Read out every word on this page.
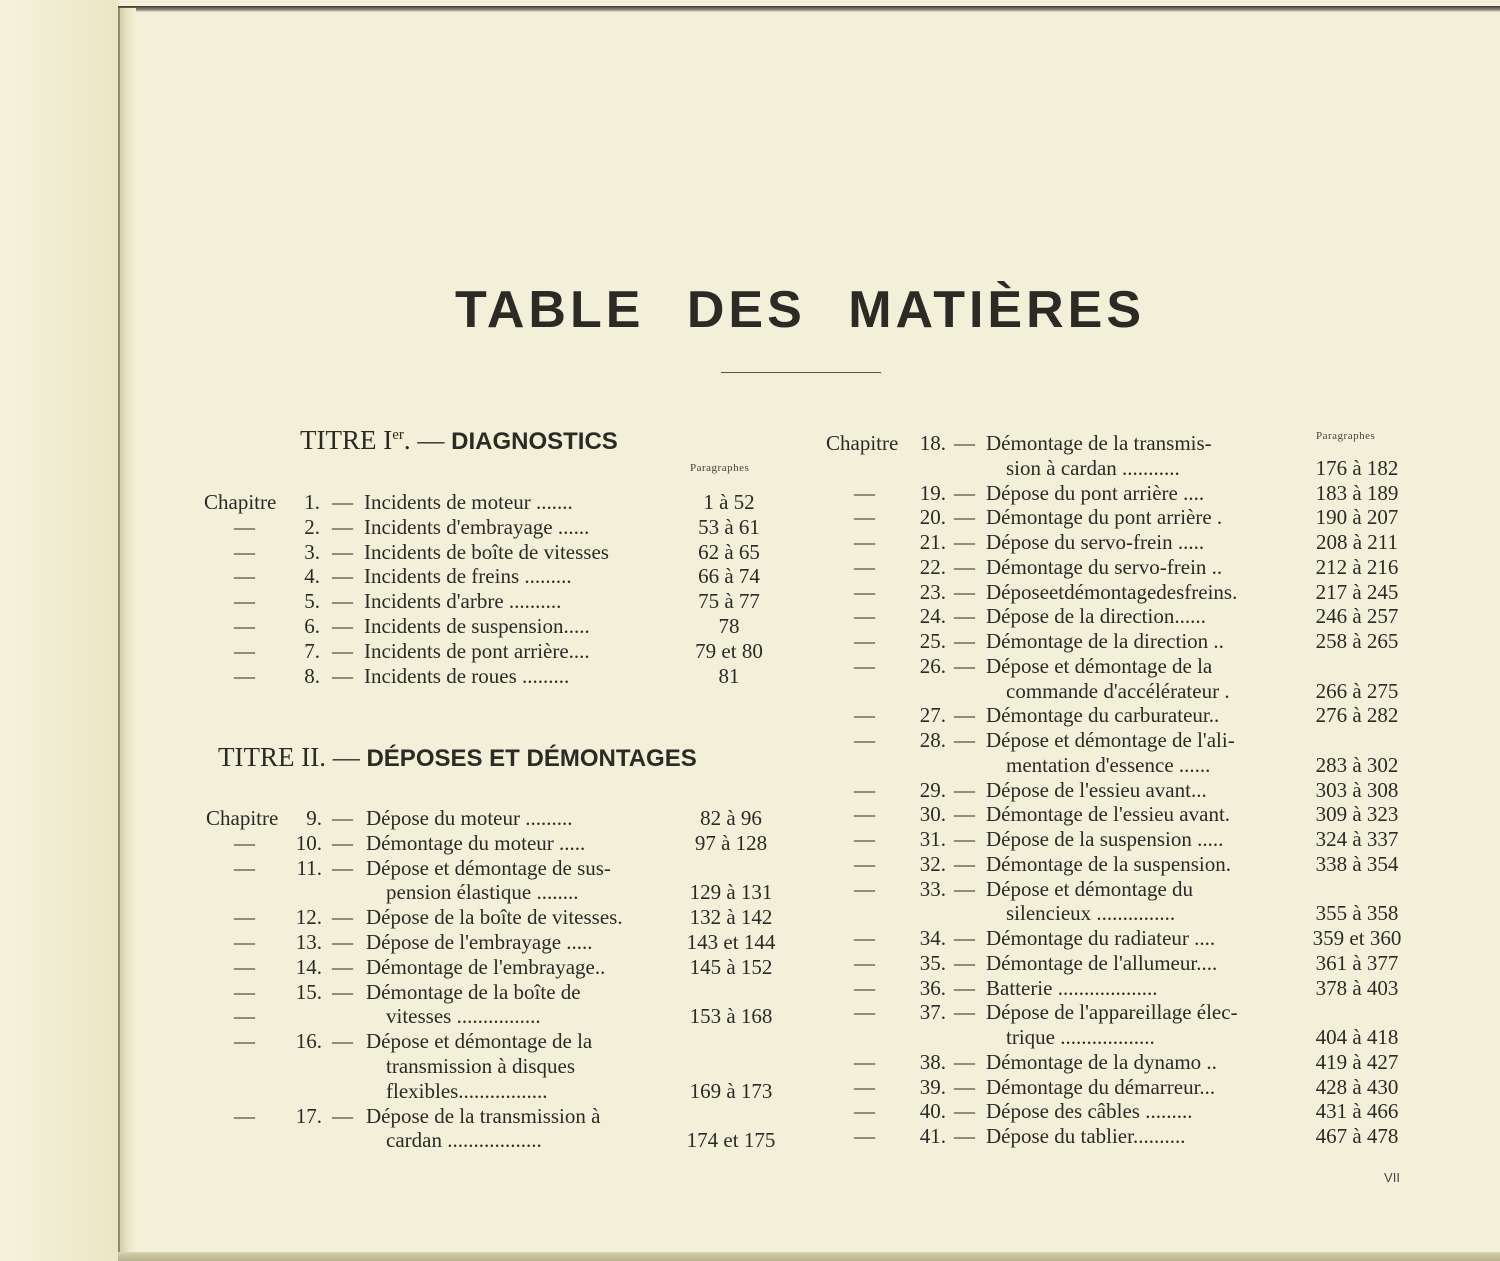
TABLE DES MATIÈRES
TITRE Ier. — DIAGNOSTICS
Paragraphes
TITRE II. — DÉPOSES ET DÉMONTAGES
Paragraphes
Chapitre	1. — Incidents de moteur .......	1 à 52
—	2. — Incidents d'embrayage ......	53 à 61
—	3. — Incidents de boîte de vitesses	62 à 65
—	4. — Incidents de freins .........	66 à 74
—	5. — Incidents d'arbre ..........	75 à 77
—	6. — Incidents de suspension.....	78
—	7. — Incidents de pont arrière....	79 et 80
—	8. — Incidents de roues .........	81
Chapitre	9. — Dépose du moteur .........	82 à 96
—	10. — Démontage du moteur .....	97 à 128
—	11. — Dépose et démontage de sus-
pension élastique ........	129 à 131
—	12. — Dépose de la boîte de vitesses.	132 à 142
—	13. — Dépose de l'embrayage .....	143 et 144
—	14. — Démontage de l'embrayage..	145 à 152
—	15. — Démontage de la boîte de
—	vitesses ................	153 à 168
—	16. — Dépose et démontage de la
transmission à disques
flexibles.................	169 à 173
—	17. — Dépose de la transmission à
cardan ..................	174 et 175
Chapitre	18. — Démontage de la transmis-
sion à cardan ...........	176 à 182
—	19. — Dépose du pont arrière ....	183 à 189
—	20. — Démontage du pont arrière .	190 à 207
—	21. — Dépose du servo-frein .....	208 à 211
—	22. — Démontage du servo-frein ..	212 à 216
—	23. — Déposeetdémontagedesfreins.	217 à 245
—	24. — Dépose de la direction......	246 à 257
—	25. — Démontage de la direction ..	258 à 265
—	26. — Dépose et démontage de la
commande d'accélérateur .	266 à 275
—	27. — Démontage du carburateur..	276 à 282
—	28. — Dépose et démontage de l'ali-
mentation d'essence ......	283 à 302
—	29. — Dépose de l'essieu avant...	303 à 308
—	30. — Démontage de l'essieu avant.	309 à 323
—	31. — Dépose de la suspension .....	324 à 337
—	32. — Démontage de la suspension.	338 à 354
—	33. — Dépose et démontage du
silencieux ...............	355 à 358
—	34. — Démontage du radiateur ....	359 et 360
—	35. — Démontage de l'allumeur....	361 à 377
—	36. — Batterie ...................	378 à 403
—	37. — Dépose de l'appareillage élec-
trique ..................	404 à 418
—	38. — Démontage de la dynamo ..	419 à 427
—	39. — Démontage du démarreur...	428 à 430
—	40. — Dépose des câbles .........	431 à 466
—	41. — Dépose du tablier..........	467 à 478
VII
